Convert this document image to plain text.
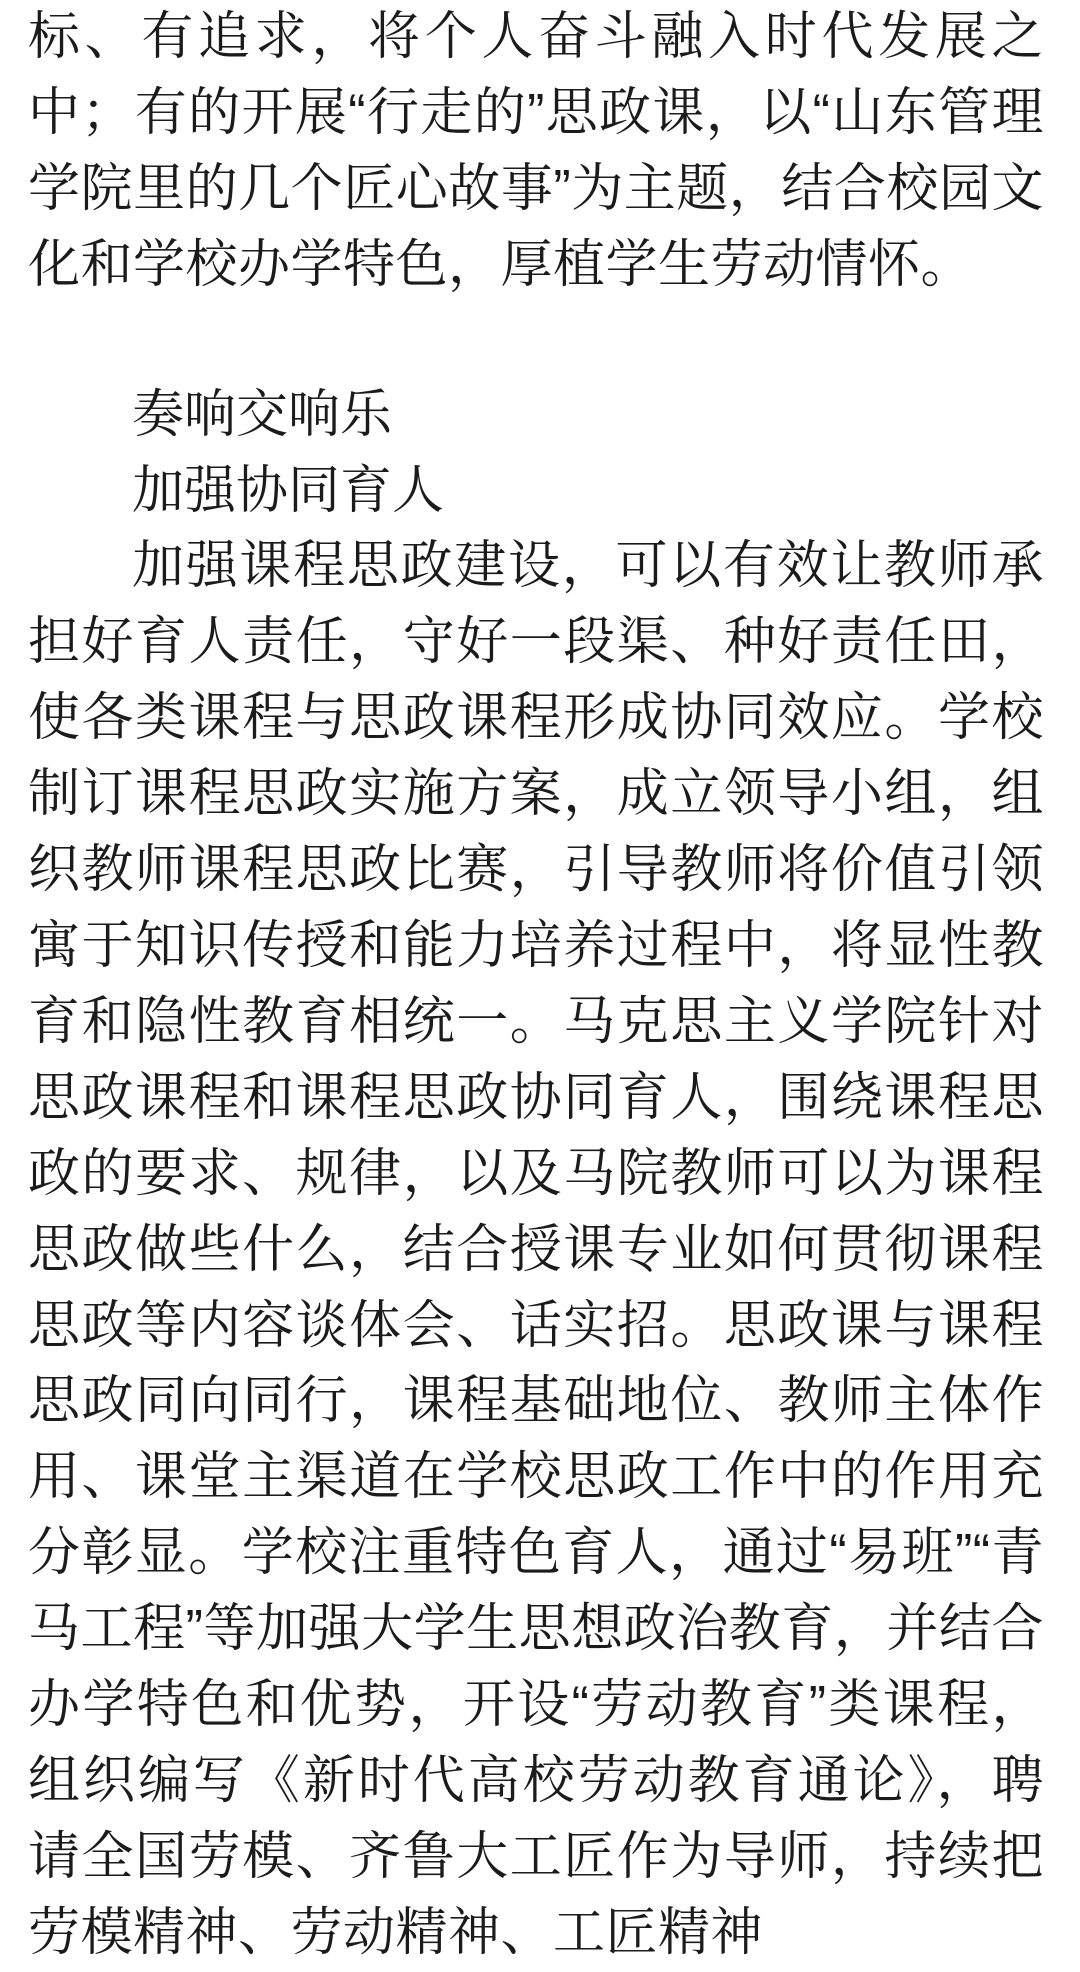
标、有追求，将个人奋斗融入时代发展之中；有的开展“行走的”思政课，以“山东管理学院里的几个匠心故事”为主题，结合校园文化和学校办学特色，厚植学生劳动情怀。

奏响交响乐

加强协同育人

加强课程思政建设，可以有效让教师承担好育人责任，守好一段渠、种好责任田，使各类课程与思政课程形成协同效应。学校制订课程思政实施方案，成立领导小组，组织教师课程思政比赛，引导教师将价值引领寓于知识传授和能力培养过程中，将显性教育和隐性教育相统一。马克思主义学院针对思政课程和课程思政协同育人，围绕课程思政的要求、规律，以及马院教师可以为课程思政做些什么，结合授课专业如何贯彻课程思政等内容谈体会、话实招。思政课与课程思政同向同行，课程基础地位、教师主体作用、课堂主渠道在学校思政工作中的作用充分彰显。学校注重特色育人，通过“易班”“青马工程”等加强大学生思想政治教育，并结合办学特色和优势，开设“劳动教育”类课程，组织编写《新时代高校劳动教育通论》，聘请全国劳模、齐鲁大工匠作为导师，持续把劳模精神、劳动精神、工匠精神
